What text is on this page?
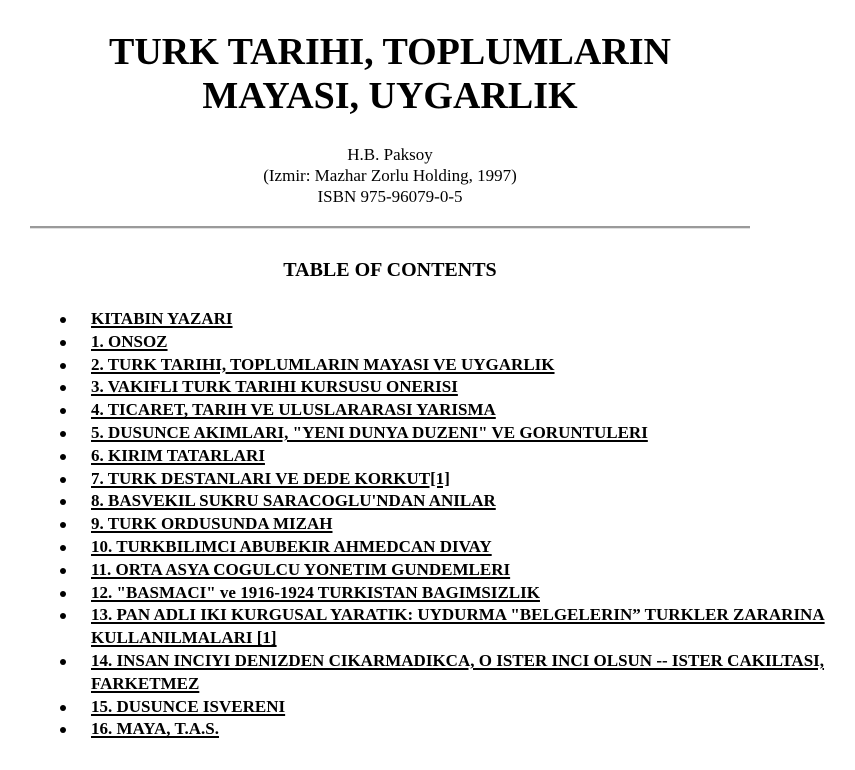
TURK TARIHI, TOPLUMLARIN
MAYASI, UYGARLIK
H.B. Paksoy
(Izmir: Mazhar Zorlu Holding, 1997)
ISBN 975-96079-0-5
TABLE OF CONTENTS
KITABIN YAZARI
1. ONSOZ
2. TURK TARIHI, TOPLUMLARIN MAYASI VE UYGARLIK
3. VAKIFLI TURK TARIHI KURSUSU ONERISI
4. TICARET, TARIH VE ULUSLARARASI YARISMA
5. DUSUNCE AKIMLARI, "YENI DUNYA DUZENI" VE GORUNTULERI
6. KIRIM TATARLARI
7. TURK DESTANLARI VE DEDE KORKUT[1]
8. BASVEKIL SUKRU SARACOGLU'NDAN ANILAR
9. TURK ORDUSUNDA MIZAH
10. TURKBILIMCI ABUBEKIR AHMEDCAN DIVAY
11. ORTA ASYA COGULCU YONETIM GUNDEMLERI
12. "BASMACI" ve 1916-1924 TURKISTAN BAGIMSIZLIK
13. PAN ADLI IKI KURGUSAL YARATIK: UYDURMA "BELGELERIN” TURKLER ZARARINA KULLANILMALARI [1]
14. INSAN INCIYI DENIZDEN CIKARMADIKCA, O ISTER INCI OLSUN -- ISTER CAKILTASI, FARKETMEZ
15. DUSUNCE ISVERENI
16. MAYA, T.A.S.
